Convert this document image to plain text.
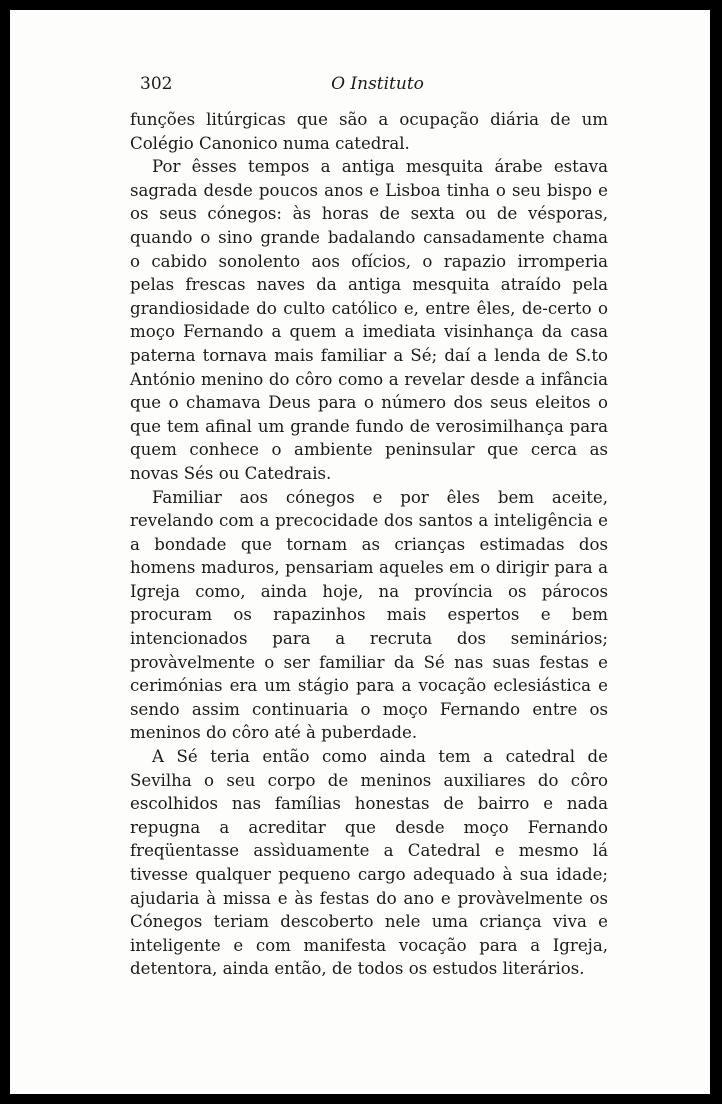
302	O Instituto

funções litúrgicas que são a ocupação diária de um Colégio Canonico numa catedral.

Por êsses tempos a antiga mesquita árabe estava sagrada desde poucos anos e Lisboa tinha o seu bispo e os seus cónegos: às horas de sexta ou de vésporas, quando o sino grande badalando cansadamente chama o cabido sonolento aos ofícios, o rapazio irromperia pelas frescas naves da antiga mesquita atraído pela grandiosidade do culto católico e, entre êles, de-certo o moço Fernando a quem a imediata visinhança da casa paterna tornava mais familiar a Sé; daí a lenda de S.to António menino do côro como a revelar desde a infância que o chamava Deus para o número dos seus eleitos o que tem afinal um grande fundo de verosimilhança para quem conhece o ambiente peninsular que cerca as novas Sés ou Catedrais.

Familiar aos cónegos e por êles bem aceite, revelando com a precocidade dos santos a inteligência e a bondade que tornam as crianças estimadas dos homens maduros, pensariam aqueles em o dirigir para a Igreja como, ainda hoje, na província os párocos procuram os rapazinhos mais espertos e bem intencionados para a recruta dos seminários; provàvelmente o ser familiar da Sé nas suas festas e cerimónias era um stágio para a vocação eclesiástica e sendo assim continuaria o moço Fernando entre os meninos do côro até à puberdade.

A Sé teria então como ainda tem a catedral de Sevilha o seu corpo de meninos auxiliares do côro escolhidos nas famílias honestas de bairro e nada repugna a acreditar que desde moço Fernando freqüentasse assìduamente a Catedral e mesmo lá tivesse qualquer pequeno cargo adequado à sua idade; ajudaria à missa e às festas do ano e provàvelmente os Cónegos teriam descoberto nele uma criança viva e inteligente e com manifesta vocação para a Igreja, detentora, ainda então, de todos os estudos literários.
